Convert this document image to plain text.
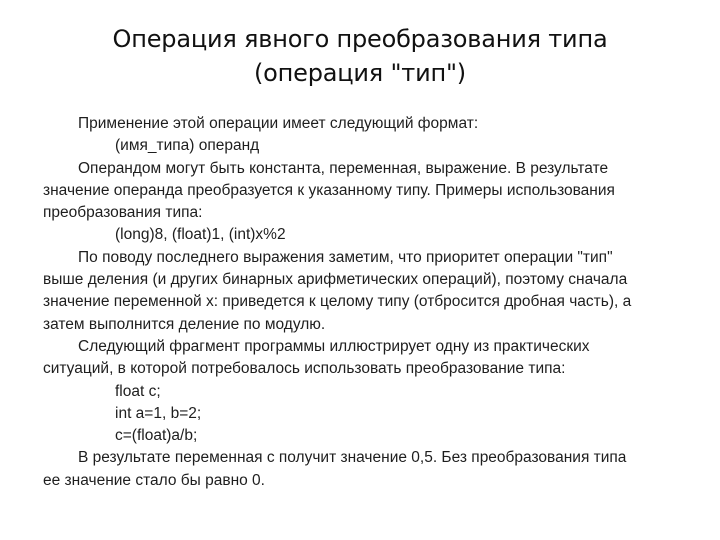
Операция явного преобразования типа
(операция "тип")
Применение этой операции имеет следующий формат:
(имя_типа) операнд
Операндом могут быть константа, переменная, выражение. В результате
значение операнда преобразуется к указанному типу. Примеры использования
преобразования типа:
(long)8, (float)1, (int)x%2
По поводу последнего выражения заметим, что приоритет операции "тип"
выше деления (и других бинарных арифметических операций), поэтому сначала
значение переменной x: приведется к целому типу (отбросится дробная часть), а
затем выполнится деление по модулю.
Следующий фрагмент программы иллюстрирует одну из практических
ситуаций, в которой потребовалось использовать преобразование типа:
float c;
int a=1, b=2;
c=(float)a/b;
В результате переменная c получит значение 0,5. Без преобразования типа
ее значение стало бы равно 0.
